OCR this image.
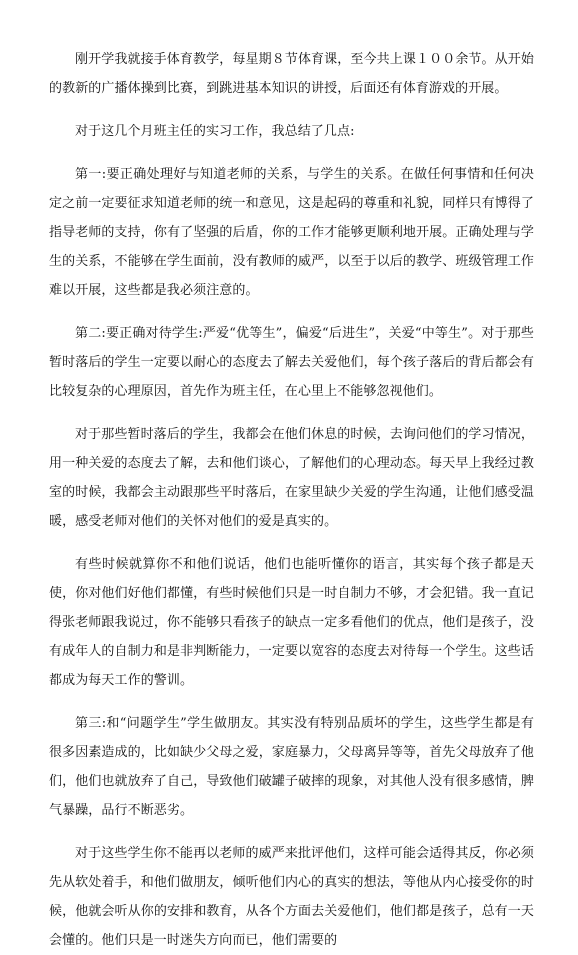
刚开学我就接手体育教学，每星期８节体育课，至今共上课１００余节。从开始的教新的广播体操到比赛，到跳进基本知识的讲授，后面还有体育游戏的开展。

对于这几个月班主任的实习工作，我总结了几点:

第一:要正确处理好与知道老师的关系，与学生的关系。在做任何事情和任何决定之前一定要征求知道老师的统一和意见，这是起码的尊重和礼貌，同样只有博得了指导老师的支持，你有了坚强的后盾，你的工作才能够更顺利地开展。正确处理与学生的关系，不能够在学生面前，没有教师的威严，以至于以后的教学、班级管理工作难以开展，这些都是我必须注意的。

第二:要正确对待学生:严爱“优等生”，偏爱“后进生”，关爱“中等生”。对于那些暂时落后的学生一定要以耐心的态度去了解去关爱他们，每个孩子落后的背后都会有比较复杂的心理原因，首先作为班主任，在心里上不能够忽视他们。

对于那些暂时落后的学生，我都会在他们休息的时候，去询问他们的学习情况，用一种关爱的态度去了解，去和他们谈心，了解他们的心理动态。每天早上我经过教室的时候，我都会主动跟那些平时落后，在家里缺少关爱的学生沟通，让他们感受温暖，感受老师对他们的关怀对他们的爱是真实的。

有些时候就算你不和他们说话，他们也能听懂你的语言，其实每个孩子都是天使，你对他们好他们都懂，有些时候他们只是一时自制力不够，才会犯错。我一直记得张老师跟我说过，你不能够只看孩子的缺点一定多看他们的优点，他们是孩子，没有成年人的自制力和是非判断能力，一定要以宽容的态度去对待每一个学生。这些话都成为每天工作的警训。

第三:和“问题学生”学生做朋友。其实没有特别品质坏的学生，这些学生都是有很多因素造成的，比如缺少父母之爱，家庭暴力，父母离异等等，首先父母放弃了他们，他们也就放弃了自己，导致他们破罐子破摔的现象，对其他人没有很多感情，脾气暴躁，品行不断恶劣。

对于这些学生你不能再以老师的威严来批评他们，这样可能会适得其反，你必须先从软处着手，和他们做朋友，倾听他们内心的真实的想法，等他从内心接受你的时候，他就会听从你的安排和教育，从各个方面去关爱他们，他们都是孩子，总有一天会懂的。他们只是一时迷失方向而已，他们需要的
